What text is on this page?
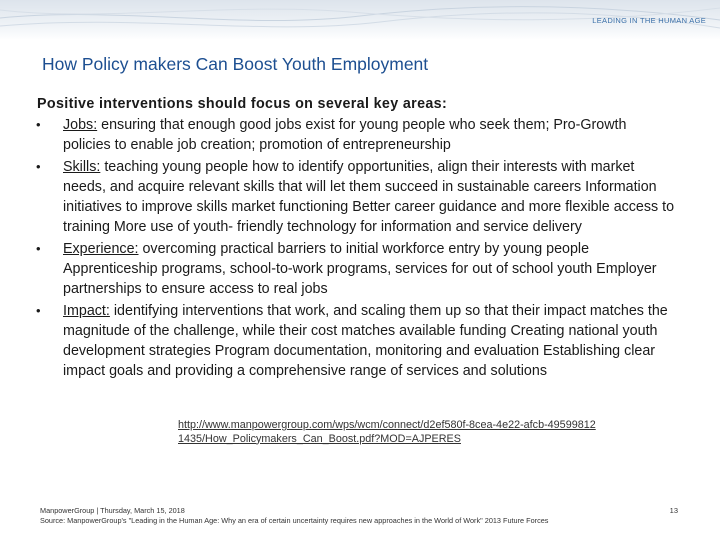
LEADING IN THE HUMAN AGE
How Policy makers Can Boost Youth Employment
Positive interventions should focus on several key areas:
•	Jobs: ensuring that enough good jobs exist for young people who seek them; Pro-Growth policies to enable job creation; promotion of entrepreneurship
•	Skills: teaching young people how to identify opportunities, align their interests with market needs, and acquire relevant skills that will let them succeed in sustainable careers Information initiatives to improve skills market functioning Better career guidance and more flexible access to training More use of youth- friendly technology for information and service delivery
•	Experience: overcoming practical barriers to initial workforce entry by young people Apprenticeship programs, school-to-work programs, services for out of school youth Employer partnerships to ensure access to real jobs
•	Impact: identifying interventions that work, and scaling them up so that their impact matches the magnitude of the challenge, while their cost matches available funding Creating national youth development strategies Program documentation, monitoring and evaluation Establishing clear impact goals and providing a comprehensive range of services and solutions
http://www.manpowergroup.com/wps/wcm/connect/d2ef580f-8cea-4e22-afcb-495998121435/How_Policymakers_Can_Boost.pdf?MOD=AJPERES
ManpowerGroup | Thursday, March 15, 2018
Source: ManpowerGroup's "Leading in the Human Age: Why an era of certain uncertainty requires new approaches in the World of Work" 2013 Future Forces
13
